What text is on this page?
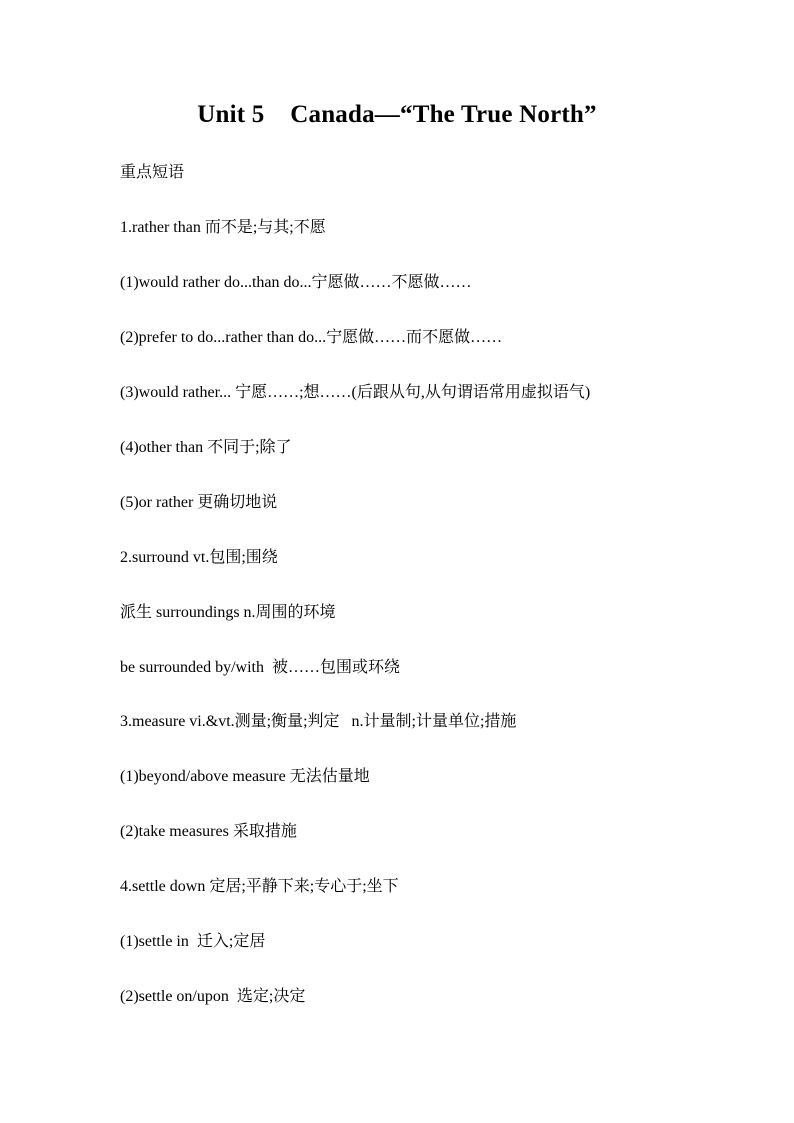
Unit 5    Canada—“The True North”
重点短语
1.rather than 而不是;与其;不愿
(1)would rather do...than do...宁愿做……不愿做……
(2)prefer to do...rather than do...宁愿做……而不愿做……
(3)would rather... 宁愿……;想……(后跟从句,从句谓语常用虚拟语气)
(4)other than 不同于;除了
(5)or rather 更确切地说
2.surround vt.包围;围绕
派生 surroundings n.周围的环境
be surrounded by/with  被……包围或环绕
3.measure vi.&vt.测量;衡量;判定   n.计量制;计量单位;措施
(1)beyond/above measure 无法估量地
(2)take measures 采取措施
4.settle down 定居;平静下来;专心于;坐下
(1)settle in  迁入;定居
(2)settle on/upon  选定;决定
